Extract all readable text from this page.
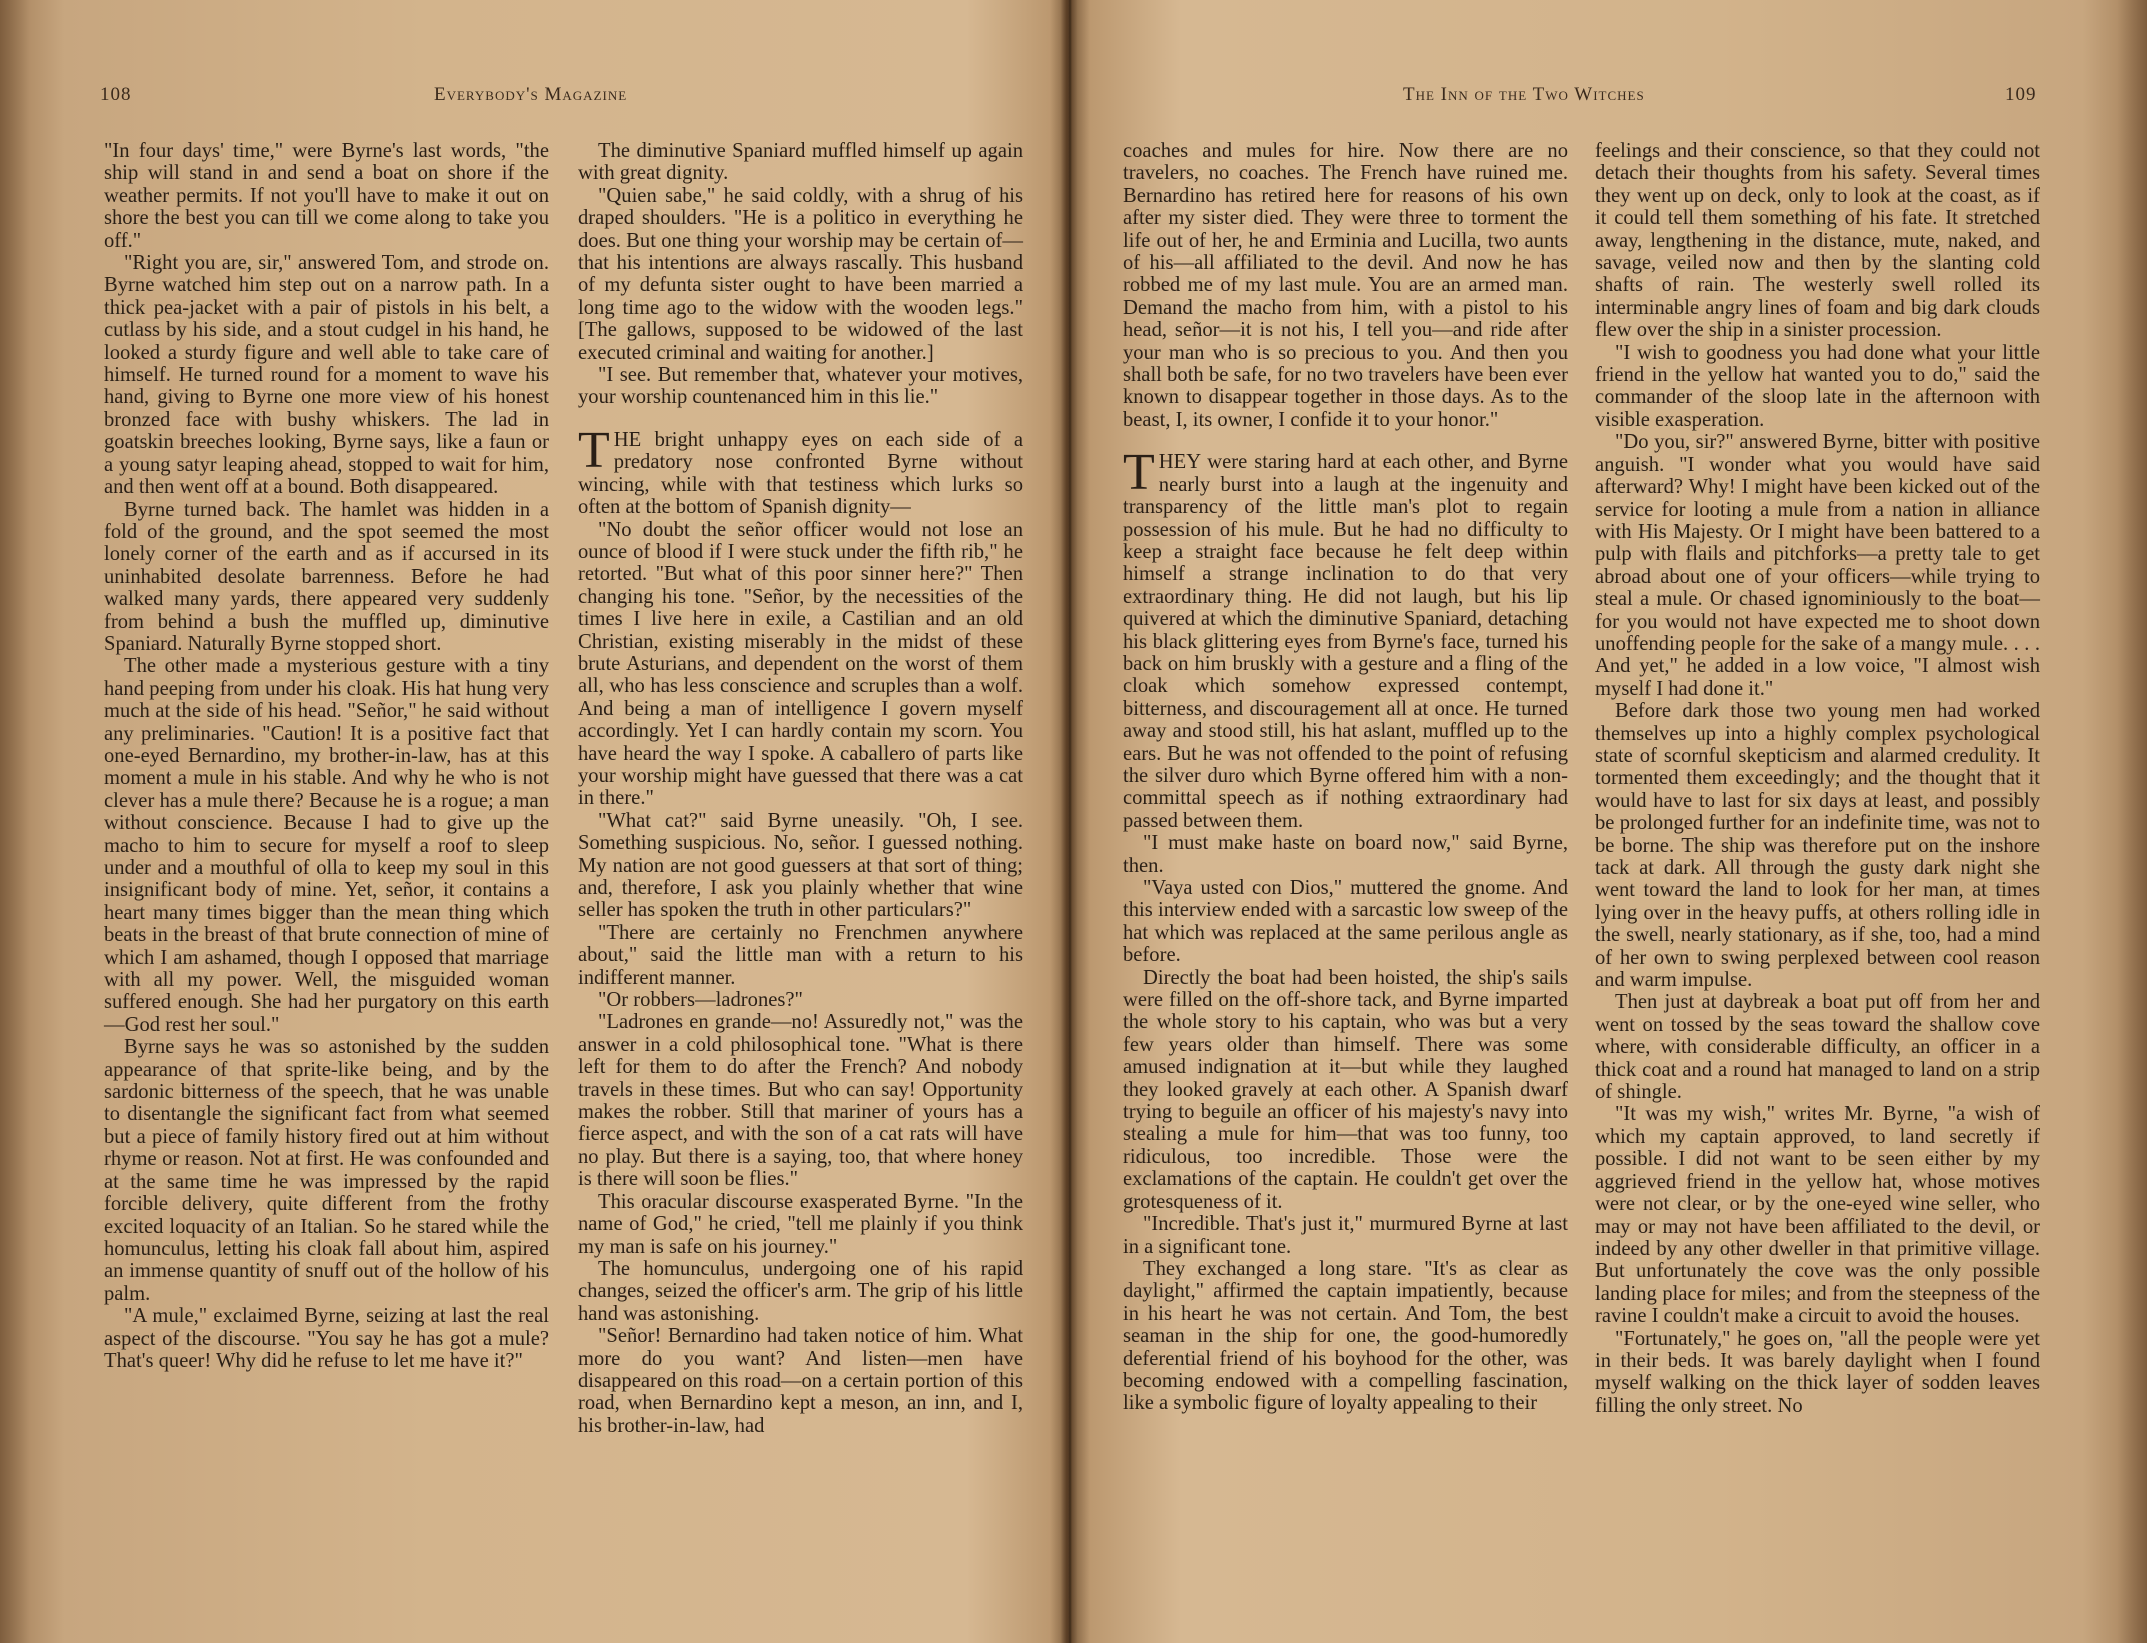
108	Everybody's Magazine

"In four days' time," were Byrne's last words, "the ship will stand in and send a boat on shore if the weather permits. If not you'll have to make it out on shore the best you can till we come along to take you off."

"Right you are, sir," answered Tom, and strode on. Byrne watched him step out on a narrow path. In a thick pea-jacket with a pair of pistols in his belt, a cutlass by his side, and a stout cudgel in his hand, he looked a sturdy figure and well able to take care of himself. He turned round for a moment to wave his hand, giving to Byrne one more view of his honest bronzed face with bushy whiskers. The lad in goatskin breeches looking, Byrne says, like a faun or a young satyr leaping ahead, stopped to wait for him, and then went off at a bound. Both disappeared.

Byrne turned back. The hamlet was hidden in a fold of the ground, and the spot seemed the most lonely corner of the earth and as if accursed in its uninhabited desolate barrenness. Before he had walked many yards, there appeared very suddenly from behind a bush the muffled up, diminutive Spaniard. Naturally Byrne stopped short.

The other made a mysterious gesture with a tiny hand peeping from under his cloak. His hat hung very much at the side of his head. "Señor," he said without any preliminaries. "Caution! It is a positive fact that one-eyed Bernardino, my brother-in-law, has at this moment a mule in his stable. And why he who is not clever has a mule there? Because he is a rogue; a man without conscience. Because I had to give up the macho to him to secure for myself a roof to sleep under and a mouthful of olla to keep my soul in this insignificant body of mine. Yet, señor, it contains a heart many times bigger than the mean thing which beats in the breast of that brute connection of mine of which I am ashamed, though I opposed that marriage with all my power. Well, the misguided woman suffered enough. She had her purgatory on this earth—God rest her soul."

Byrne says he was so astonished by the sudden appearance of that sprite-like being, and by the sardonic bitterness of the speech, that he was unable to disentangle the significant fact from what seemed but a piece of family history fired out at him without rhyme or reason. Not at first. He was confounded and at the same time he was impressed by the rapid forcible delivery, quite different from the frothy excited loquacity of an Italian. So he stared while the homunculus, letting his cloak fall about him, aspired an immense quantity of snuff out of the hollow of his palm.

"A mule," exclaimed Byrne, seizing at last the real aspect of the discourse. "You say he has got a mule? That's queer! Why did he refuse to let me have it?"

The diminutive Spaniard muffled himself up again with great dignity.

"Quien sabe," he said coldly, with a shrug of his draped shoulders. "He is a politico in everything he does. But one thing your worship may be certain of—that his intentions are always rascally. This husband of my defunta sister ought to have been married a long time ago to the widow with the wooden legs." [The gallows, supposed to be widowed of the last executed criminal and waiting for another.]

"I see. But remember that, whatever your motives, your worship countenanced him in this lie."

THE bright unhappy eyes on each side of a predatory nose confronted Byrne without wincing, while with that testiness which lurks so often at the bottom of Spanish dignity—

"No doubt the señor officer would not lose an ounce of blood if I were stuck under the fifth rib," he retorted. "But what of this poor sinner here?" Then changing his tone. "Señor, by the necessities of the times I live here in exile, a Castilian and an old Christian, existing miserably in the midst of these brute Asturians, and dependent on the worst of them all, who has less conscience and scruples than a wolf. And being a man of intelligence I govern myself accordingly. Yet I can hardly contain my scorn. You have heard the way I spoke. A caballero of parts like your worship might have guessed that there was a cat in there."

"What cat?" said Byrne uneasily. "Oh, I see. Something suspicious. No, señor. I guessed nothing. My nation are not good guessers at that sort of thing; and, therefore, I ask you plainly whether that wine seller has spoken the truth in other particulars?"

"There are certainly no Frenchmen anywhere about," said the little man with a return to his indifferent manner.

"Or robbers—ladrones?"

"Ladrones en grande—no! Assuredly not," was the answer in a cold philosophical tone. "What is there left for them to do after the French? And nobody travels in these times. But who can say! Opportunity makes the robber. Still that mariner of yours has a fierce aspect, and with the son of a cat rats will have no play. But there is a saying, too, that where honey is there will soon be flies."

This oracular discourse exasperated Byrne. "In the name of God," he cried, "tell me plainly if you think my man is safe on his journey."

The homunculus, undergoing one of his rapid changes, seized the officer's arm. The grip of his little hand was astonishing.

"Señor! Bernardino had taken notice of him. What more do you want? And listen—men have disappeared on this road—on a certain portion of this road, when Bernardino kept a meson, an inn, and I, his brother-in-law, had

The Inn of the Two Witches	109

coaches and mules for hire. Now there are no travelers, no coaches. The French have ruined me. Bernardino has retired here for reasons of his own after my sister died. They were three to torment the life out of her, he and Erminia and Lucilla, two aunts of his—all affiliated to the devil. And now he has robbed me of my last mule. You are an armed man. Demand the macho from him, with a pistol to his head, señor—it is not his, I tell you—and ride after your man who is so precious to you. And then you shall both be safe, for no two travelers have been ever known to disappear together in those days. As to the beast, I, its owner, I confide it to your honor."

THEY were staring hard at each other, and Byrne nearly burst into a laugh at the ingenuity and transparency of the little man's plot to regain possession of his mule. But he had no difficulty to keep a straight face because he felt deep within himself a strange inclination to do that very extraordinary thing. He did not laugh, but his lip quivered at which the diminutive Spaniard, detaching his black glittering eyes from Byrne's face, turned his back on him bruskly with a gesture and a fling of the cloak which somehow expressed contempt, bitterness, and discouragement all at once. He turned away and stood still, his hat aslant, muffled up to the ears. But he was not offended to the point of refusing the silver duro which Byrne offered him with a non-committal speech as if nothing extraordinary had passed between them.

"I must make haste on board now," said Byrne, then.

"Vaya usted con Dios," muttered the gnome. And this interview ended with a sarcastic low sweep of the hat which was replaced at the same perilous angle as before.

Directly the boat had been hoisted, the ship's sails were filled on the off-shore tack, and Byrne imparted the whole story to his captain, who was but a very few years older than himself. There was some amused indignation at it—but while they laughed they looked gravely at each other. A Spanish dwarf trying to beguile an officer of his majesty's navy into stealing a mule for him—that was too funny, too ridiculous, too incredible. Those were the exclamations of the captain. He couldn't get over the grotesqueness of it.

"Incredible. That's just it," murmured Byrne at last in a significant tone.

They exchanged a long stare. "It's as clear as daylight," affirmed the captain impatiently, because in his heart he was not certain. And Tom, the best seaman in the ship for one, the good-humoredly deferential friend of his boyhood for the other, was becoming endowed with a compelling fascination, like a symbolic figure of loyalty appealing to their

feelings and their conscience, so that they could not detach their thoughts from his safety. Several times they went up on deck, only to look at the coast, as if it could tell them something of his fate. It stretched away, lengthening in the distance, mute, naked, and savage, veiled now and then by the slanting cold shafts of rain. The westerly swell rolled its interminable angry lines of foam and big dark clouds flew over the ship in a sinister procession.

"I wish to goodness you had done what your little friend in the yellow hat wanted you to do," said the commander of the sloop late in the afternoon with visible exasperation.

"Do you, sir?" answered Byrne, bitter with positive anguish. "I wonder what you would have said afterward? Why! I might have been kicked out of the service for looting a mule from a nation in alliance with His Majesty. Or I might have been battered to a pulp with flails and pitchforks—a pretty tale to get abroad about one of your officers—while trying to steal a mule. Or chased ignominiously to the boat—for you would not have expected me to shoot down unoffending people for the sake of a mangy mule. . . . And yet," he added in a low voice, "I almost wish myself I had done it."

Before dark those two young men had worked themselves up into a highly complex psychological state of scornful skepticism and alarmed credulity. It tormented them exceedingly; and the thought that it would have to last for six days at least, and possibly be prolonged further for an indefinite time, was not to be borne. The ship was therefore put on the inshore tack at dark. All through the gusty dark night she went toward the land to look for her man, at times lying over in the heavy puffs, at others rolling idle in the swell, nearly stationary, as if she, too, had a mind of her own to swing perplexed between cool reason and warm impulse.

Then just at daybreak a boat put off from her and went on tossed by the seas toward the shallow cove where, with considerable difficulty, an officer in a thick coat and a round hat managed to land on a strip of shingle.

"It was my wish," writes Mr. Byrne, "a wish of which my captain approved, to land secretly if possible. I did not want to be seen either by my aggrieved friend in the yellow hat, whose motives were not clear, or by the one-eyed wine seller, who may or may not have been affiliated to the devil, or indeed by any other dweller in that primitive village. But unfortunately the cove was the only possible landing place for miles; and from the steepness of the ravine I couldn't make a circuit to avoid the houses.

"Fortunately," he goes on, "all the people were yet in their beds. It was barely daylight when I found myself walking on the thick layer of sodden leaves filling the only street. No
